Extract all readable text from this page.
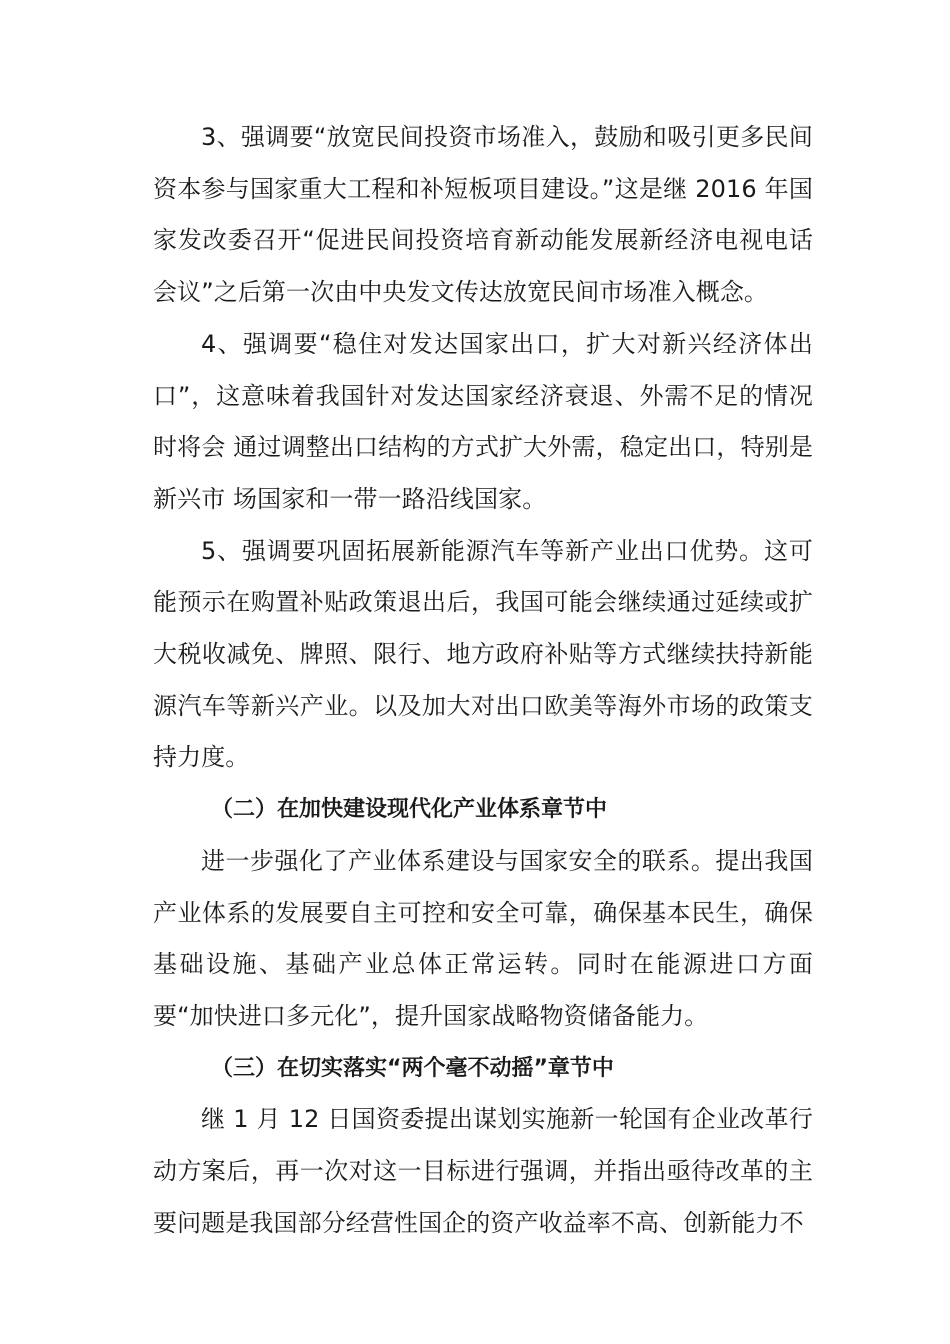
3、强调要“放宽民间投资市场准入，鼓励和吸引更多民间资本参与国家重大工程和补短板项目建设。”这是继 2016 年国家发改委召开“促进民间投资培育新动能发展新经济电视电话会议”之后第一次由中央发文传达放宽民间市场准入概念。

4、强调要“稳住对发达国家出口，扩大对新兴经济体出口”，这意味着我国针对发达国家经济衰退、外需不足的情况时将会 通过调整出口结构的方式扩大外需，稳定出口，特别是新兴市 场国家和一带一路沿线国家。

5、强调要巩固拓展新能源汽车等新产业出口优势。这可能预示在购置补贴政策退出后，我国可能会继续通过延续或扩大税收减免、牌照、限行、地方政府补贴等方式继续扶持新能源汽车等新兴产业。以及加大对出口欧美等海外市场的政策支持力度。

（二）在加快建设现代化产业体系章节中

进一步强化了产业体系建设与国家安全的联系。提出我国产业体系的发展要自主可控和安全可靠，确保基本民生，确保基础设施、基础产业总体正常运转。同时在能源进口方面要“加快进口多元化”，提升国家战略物资储备能力。

（三）在切实落实“两个毫不动摇”章节中

继 1 月 12 日国资委提出谋划实施新一轮国有企业改革行动方案后，再一次对这一目标进行强调，并指出亟待改革的主要问题是我国部分经营性国企的资产收益率不高、创新能力不
